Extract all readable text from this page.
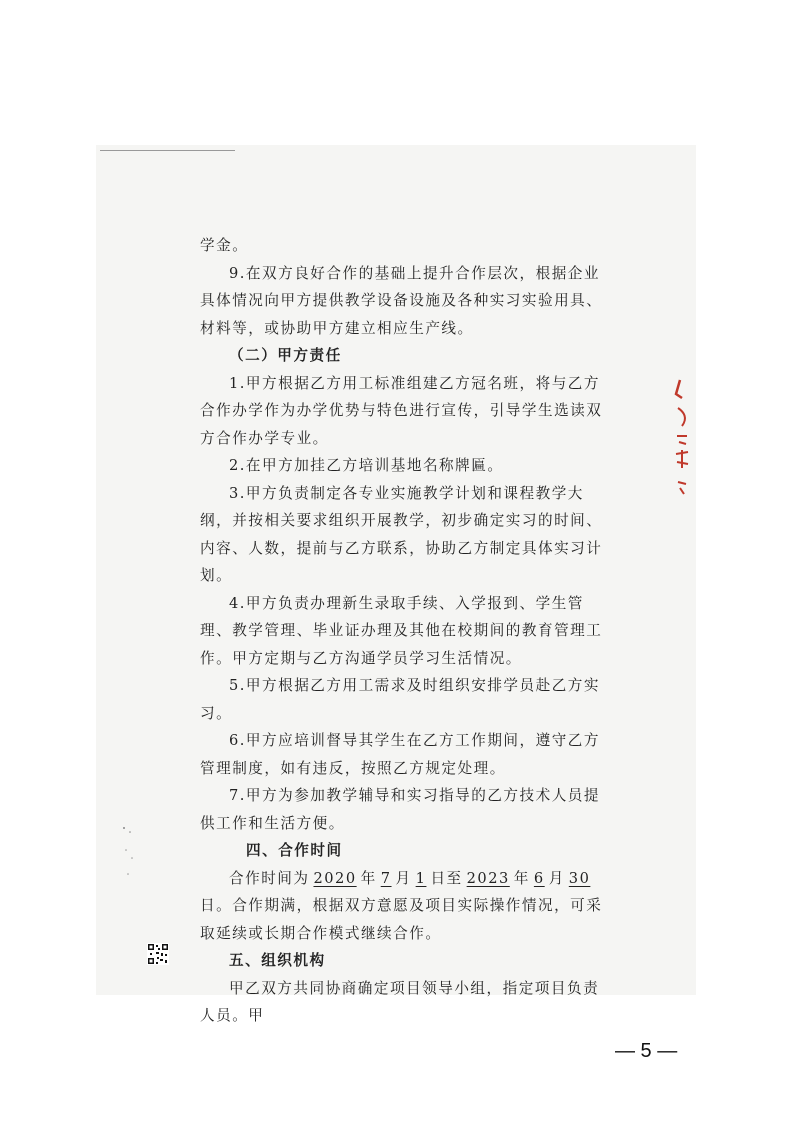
学金。

9.在双方良好合作的基础上提升合作层次，根据企业具体情况向甲方提供教学设备设施及各种实习实验用具、材料等，或协助甲方建立相应生产线。

（二）甲方责任

1.甲方根据乙方用工标准组建乙方冠名班，将与乙方合作办学作为办学优势与特色进行宣传，引导学生选读双方合作办学专业。

2.在甲方加挂乙方培训基地名称牌匾。

3.甲方负责制定各专业实施教学计划和课程教学大纲，并按相关要求组织开展教学，初步确定实习的时间、内容、人数，提前与乙方联系，协助乙方制定具体实习计划。

4.甲方负责办理新生录取手续、入学报到、学生管理、教学管理、毕业证办理及其他在校期间的教育管理工作。甲方定期与乙方沟通学员学习生活情况。

5.甲方根据乙方用工需求及时组织安排学员赴乙方实习。

6.甲方应培训督导其学生在乙方工作期间，遵守乙方管理制度，如有违反，按照乙方规定处理。

7.甲方为参加教学辅导和实习指导的乙方技术人员提供工作和生活方便。

四、合作时间

合作时间为 2020 年 7 月 1 日至 2023 年 6 月 30日。合作期满，根据双方意愿及项目实际操作情况，可采取延续或长期合作模式继续合作。

五、组织机构

甲乙双方共同协商确定项目领导小组，指定项目负责人员。甲

— 5 —
